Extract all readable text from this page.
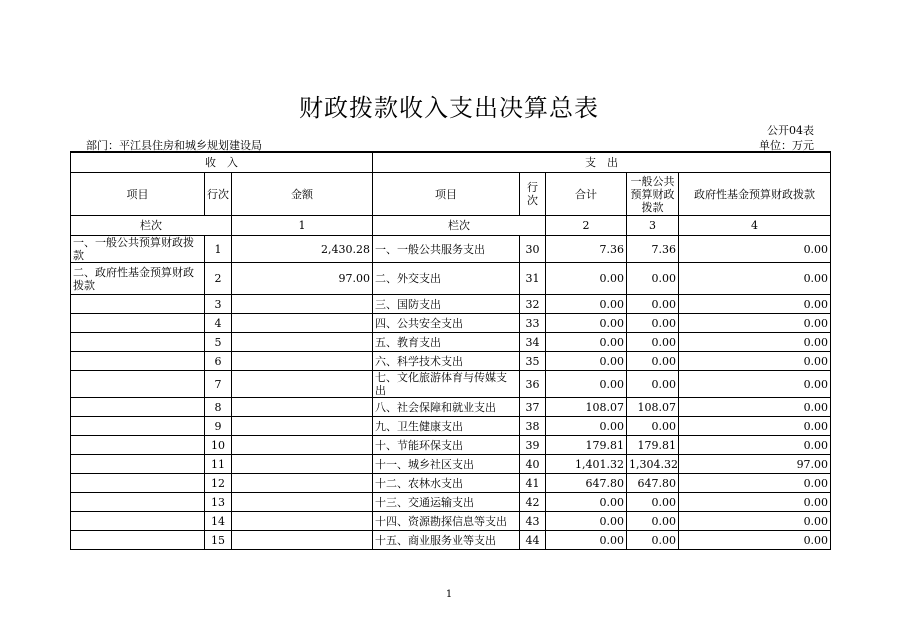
财政拨款收入支出决算总表
公开04表
部门：平江县住房和城乡规划建设局	单位：万元
收　入			支　出				
项目	行次	金额	项目	行次	合计	一般公共预算财政拨款	政府性基金预算财政拨款
栏次		1	栏次		2	3	4
一、一般公共预算财政拨款	1	2,430.28	一、一般公共服务支出	30	7.36	7.36	0.00
二、政府性基金预算财政拨款	2	97.00	二、外交支出	31	0.00	0.00	0.00
	3		三、国防支出	32	0.00	0.00	0.00
	4		四、公共安全支出	33	0.00	0.00	0.00
	5		五、教育支出	34	0.00	0.00	0.00
	6		六、科学技术支出	35	0.00	0.00	0.00
	7		七、文化旅游体育与传媒支出	36	0.00	0.00	0.00
	8		八、社会保障和就业支出	37	108.07	108.07	0.00
	9		九、卫生健康支出	38	0.00	0.00	0.00
	10		十、节能环保支出	39	179.81	179.81	0.00
	11		十一、城乡社区支出	40	1,401.32	1,304.32	97.00
	12		十二、农林水支出	41	647.80	647.80	0.00
	13		十三、交通运输支出	42	0.00	0.00	0.00
	14		十四、资源勘探信息等支出	43	0.00	0.00	0.00
	15		十五、商业服务业等支出	44	0.00	0.00	0.00
1
